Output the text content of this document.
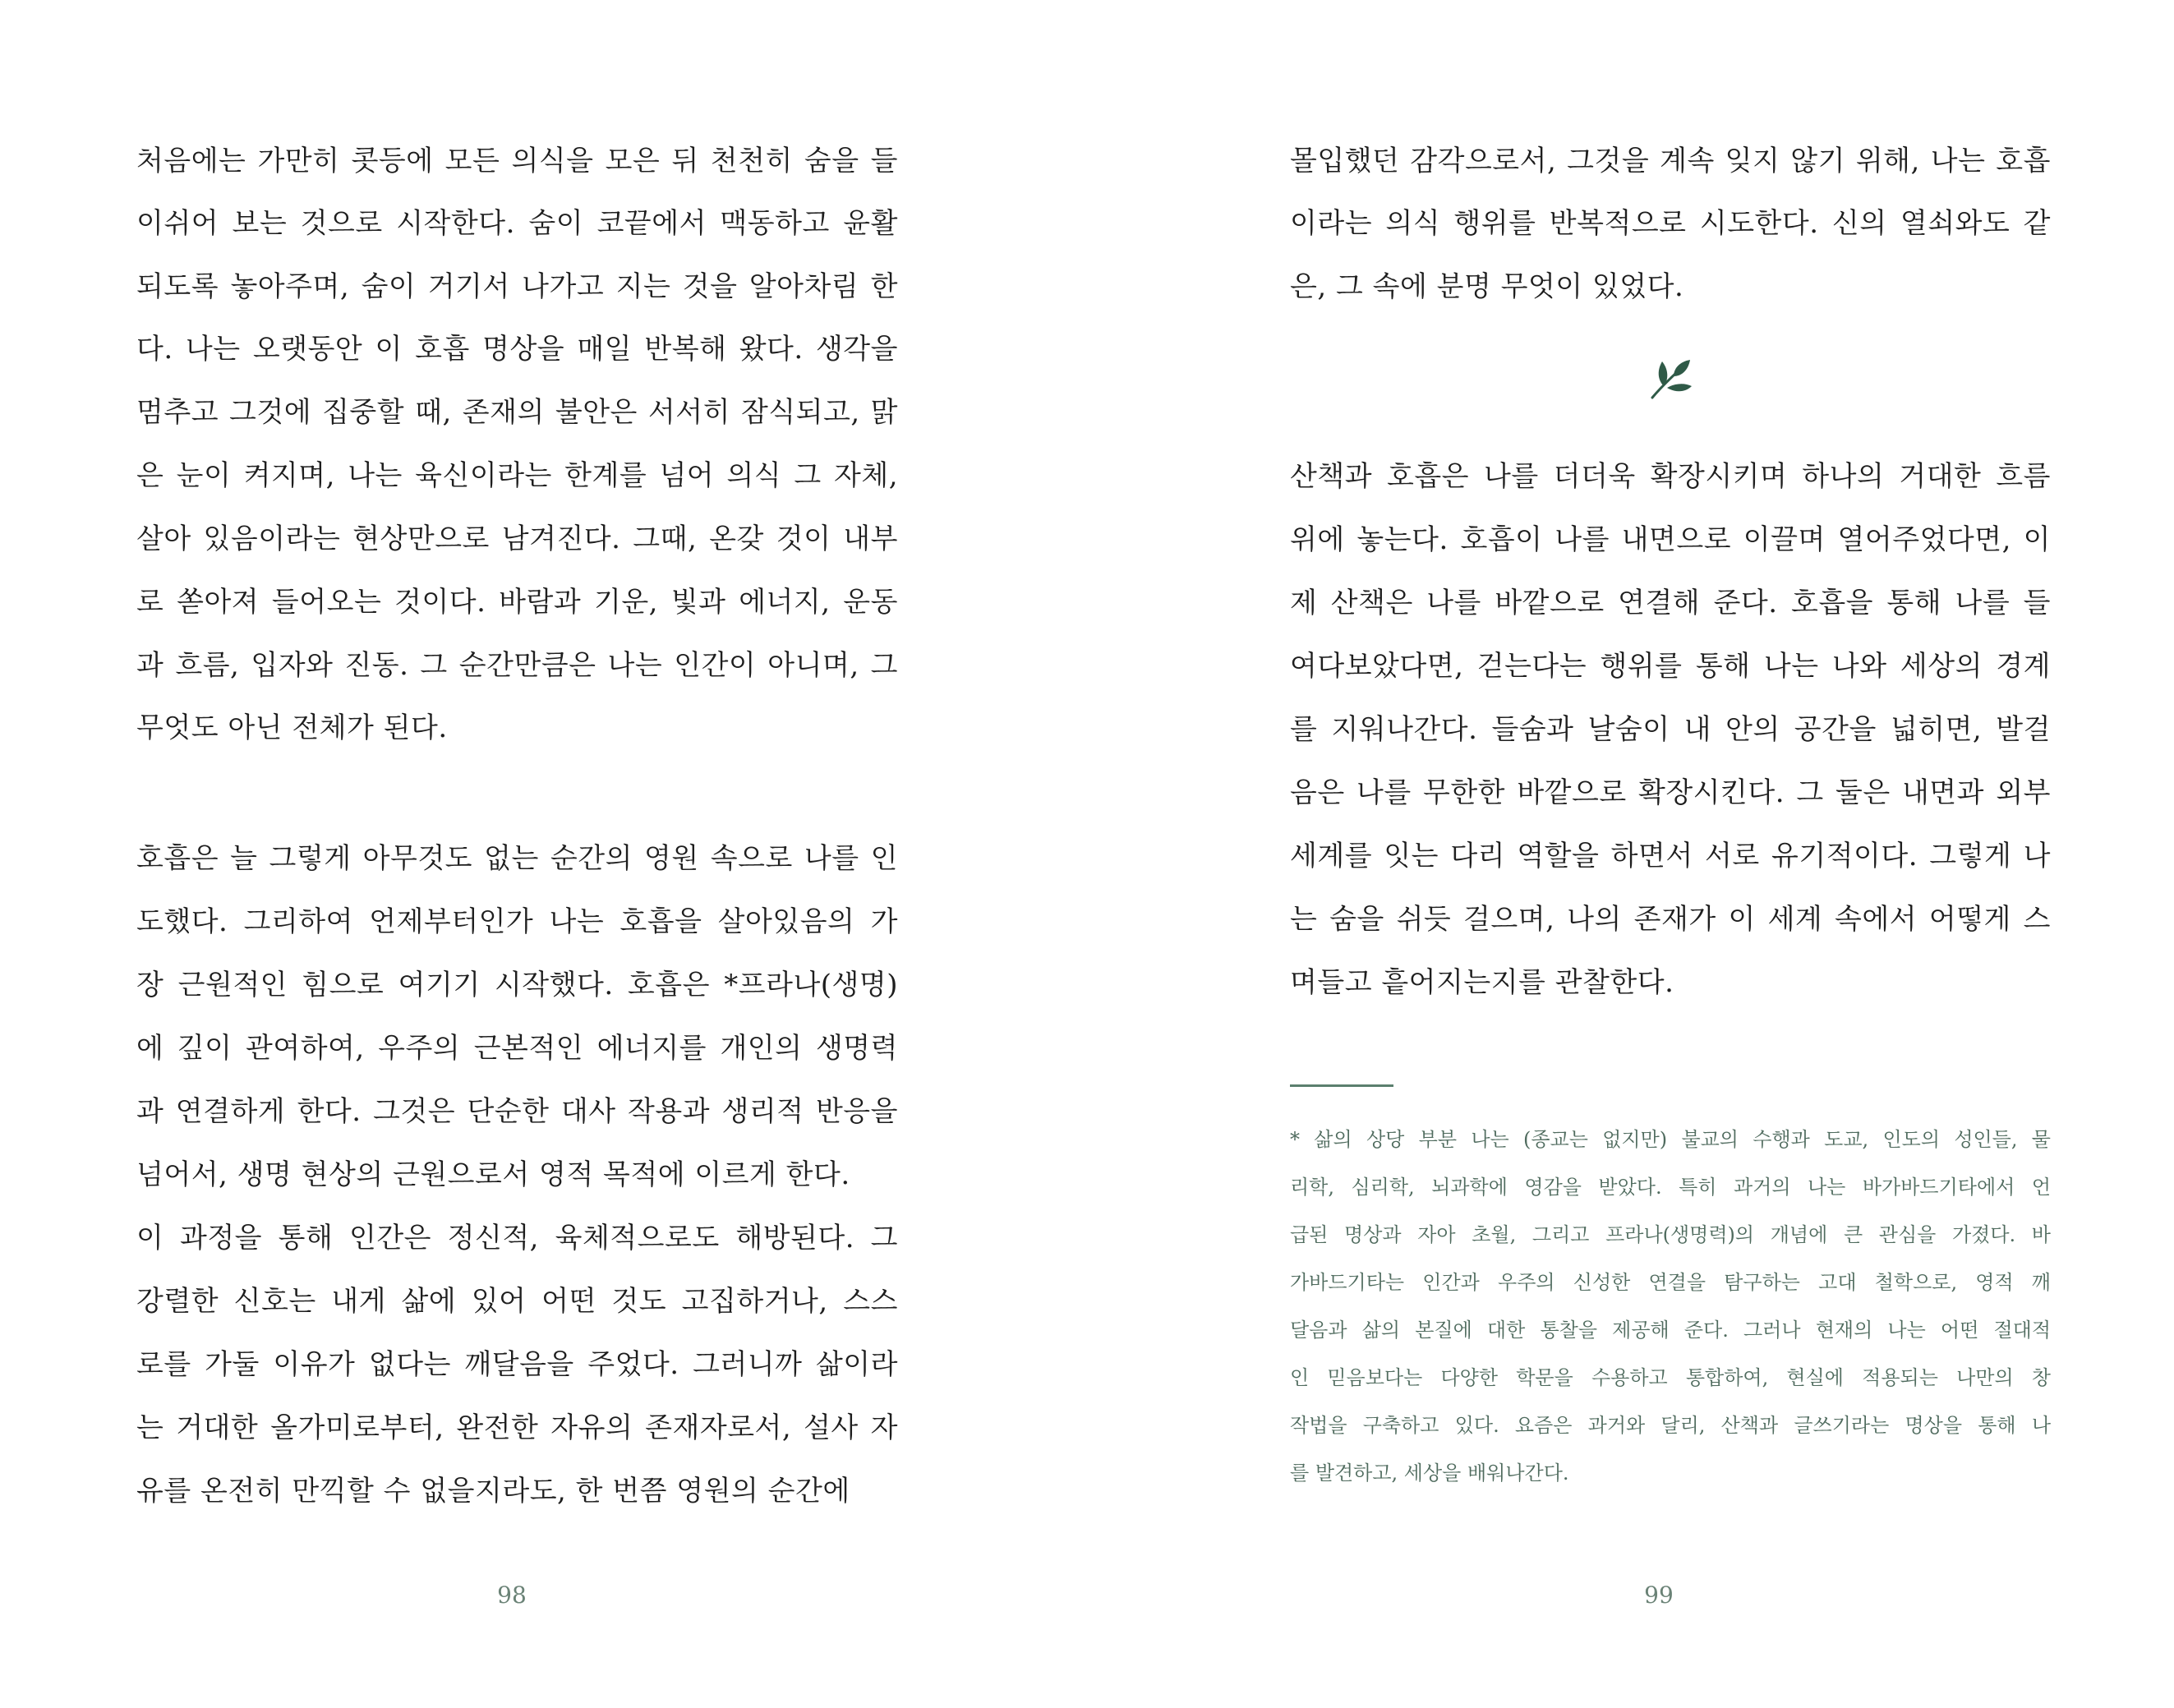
처음에는 가만히 콧등에 모든 의식을 모은 뒤 천천히 숨을 들
이쉬어 보는 것으로 시작한다. 숨이 코끝에서 맥동하고 윤활
되도록 놓아주며, 숨이 거기서 나가고 지는 것을 알아차림 한
다. 나는 오랫동안 이 호흡 명상을 매일 반복해 왔다. 생각을
멈추고 그것에 집중할 때, 존재의 불안은 서서히 잠식되고, 맑
은 눈이 켜지며, 나는 육신이라는 한계를 넘어 의식 그 자체,
살아 있음이라는 현상만으로 남겨진다. 그때, 온갖 것이 내부
로 쏟아져 들어오는 것이다. 바람과 기운, 빛과 에너지, 운동
과 흐름, 입자와 진동. 그 순간만큼은 나는 인간이 아니며, 그
무엇도 아닌 전체가 된다.
호흡은 늘 그렇게 아무것도 없는 순간의 영원 속으로 나를 인
도했다. 그리하여 언제부터인가 나는 호흡을 살아있음의 가
장 근원적인 힘으로 여기기 시작했다. 호흡은 *프라나(생명)
에 깊이 관여하여, 우주의 근본적인 에너지를 개인의 생명력
과 연결하게 한다. 그것은 단순한 대사 작용과 생리적 반응을
넘어서, 생명 현상의 근원으로서 영적 목적에 이르게 한다.
이 과정을 통해 인간은 정신적, 육체적으로도 해방된다. 그
강렬한 신호는 내게 삶에 있어 어떤 것도 고집하거나, 스스
로를 가둘 이유가 없다는 깨달음을 주었다. 그러니까 삶이라
는 거대한 올가미로부터, 완전한 자유의 존재자로서, 설사 자
유를 온전히 만끽할 수 없을지라도, 한 번쯤 영원의 순간에
98
몰입했던 감각으로서, 그것을 계속 잊지 않기 위해, 나는 호흡
이라는 의식 행위를 반복적으로 시도한다. 신의 열쇠와도 같
은, 그 속에 분명 무엇이 있었다.
산책과 호흡은 나를 더더욱 확장시키며 하나의 거대한 흐름
위에 놓는다. 호흡이 나를 내면으로 이끌며 열어주었다면, 이
제 산책은 나를 바깥으로 연결해 준다. 호흡을 통해 나를 들
여다보았다면, 걷는다는 행위를 통해 나는 나와 세상의 경계
를 지워나간다. 들숨과 날숨이 내 안의 공간을 넓히면, 발걸
음은 나를 무한한 바깥으로 확장시킨다. 그 둘은 내면과 외부
세계를 잇는 다리 역할을 하면서 서로 유기적이다. 그렇게 나
는 숨을 쉬듯 걸으며, 나의 존재가 이 세계 속에서 어떻게 스
며들고 흩어지는지를 관찰한다.
* 삶의 상당 부분 나는 (종교는 없지만) 불교의 수행과 도교, 인도의 성인들, 물
리학, 심리학, 뇌과학에 영감을 받았다. 특히 과거의 나는 바가바드기타에서 언
급된 명상과 자아 초월, 그리고 프라나(생명력)의 개념에 큰 관심을 가졌다. 바
가바드기타는 인간과 우주의 신성한 연결을 탐구하는 고대 철학으로, 영적 깨
달음과 삶의 본질에 대한 통찰을 제공해 준다. 그러나 현재의 나는 어떤 절대적
인 믿음보다는 다양한 학문을 수용하고 통합하여, 현실에 적용되는 나만의 창
작법을 구축하고 있다. 요즘은 과거와 달리, 산책과 글쓰기라는 명상을 통해 나
를 발견하고, 세상을 배워나간다.
99
